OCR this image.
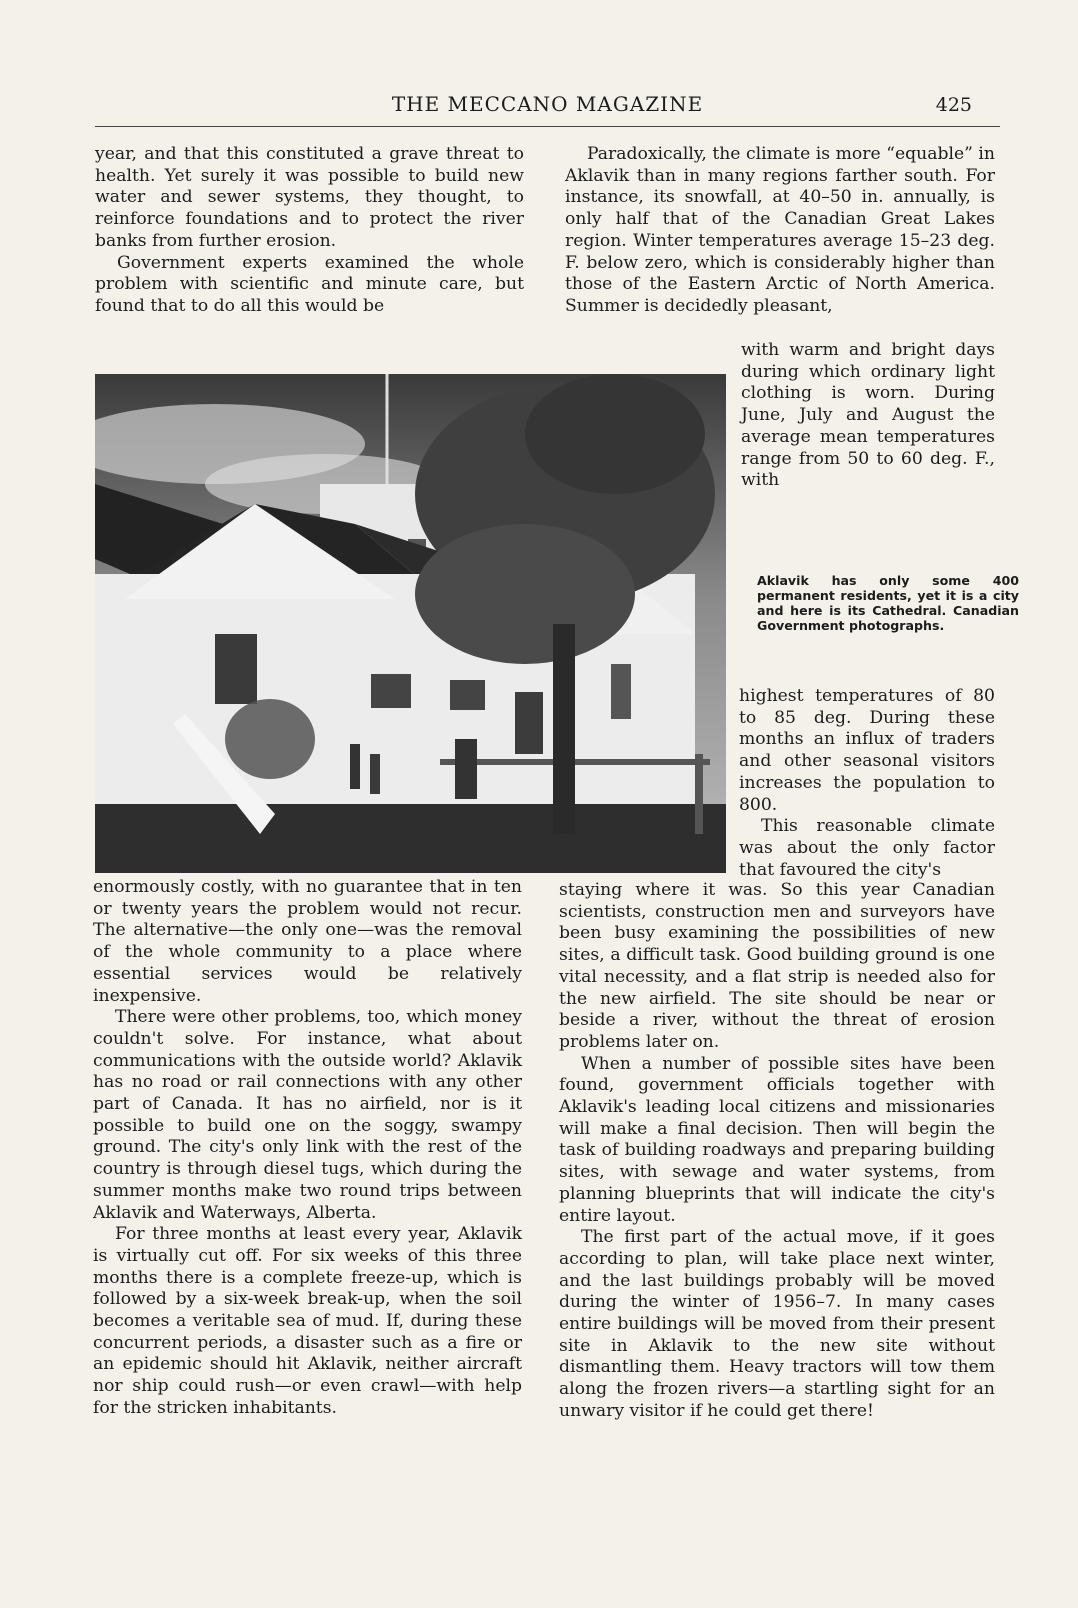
THE MECCANO MAGAZINE	425

year, and that this constituted a grave threat to health. Yet surely it was possible to build new water and sewer systems, they thought, to reinforce foundations and to protect the river banks from further erosion.

Government experts examined the whole problem with scientific and minute care, but found that to do all this would be

Paradoxically, the climate is more “equable” in Aklavik than in many regions farther south. For instance, its snowfall, at 40–50 in. annually, is only half that of the Canadian Great Lakes region. Winter temperatures average 15–23 deg. F. below zero, which is considerably higher than those of the Eastern Arctic of North America. Summer is decidedly pleasant,

with warm and bright days during which ordinary light clothing is worn. During June, July and August the average mean temperatures range from 50 to 60 deg. F., with

Aklavik has only some 400 permanent residents, yet it is a city and here is its Cathedral. Canadian Government photographs.

highest temperatures of 80 to 85 deg. During these months an influx of traders and other seasonal visitors increases the population to 800.

This reasonable climate was about the only factor that favoured the city's

enormously costly, with no guarantee that in ten or twenty years the problem would not recur. The alternative—the only one—was the removal of the whole community to a place where essential services would be relatively inexpensive.

There were other problems, too, which money couldn't solve. For instance, what about communications with the outside world? Aklavik has no road or rail connections with any other part of Canada. It has no airfield, nor is it possible to build one on the soggy, swampy ground. The city's only link with the rest of the country is through diesel tugs, which during the summer months make two round trips between Aklavik and Waterways, Alberta.

For three months at least every year, Aklavik is virtually cut off. For six weeks of this three months there is a complete freeze-up, which is followed by a six-week break-up, when the soil becomes a veritable sea of mud. If, during these concurrent periods, a disaster such as a fire or an epidemic should hit Aklavik, neither aircraft nor ship could rush—or even crawl—with help for the stricken inhabitants.

staying where it was. So this year Canadian scientists, construction men and surveyors have been busy examining the possibilities of new sites, a difficult task. Good building ground is one vital necessity, and a flat strip is needed also for the new airfield. The site should be near or beside a river, without the threat of erosion problems later on.

When a number of possible sites have been found, government officials together with Aklavik's leading local citizens and missionaries will make a final decision. Then will begin the task of building roadways and preparing building sites, with sewage and water systems, from planning blueprints that will indicate the city's entire layout.

The first part of the actual move, if it goes according to plan, will take place next winter, and the last buildings probably will be moved during the winter of 1956–7. In many cases entire buildings will be moved from their present site in Aklavik to the new site without dismantling them. Heavy tractors will tow them along the frozen rivers—a startling sight for an unwary visitor if he could get there!
